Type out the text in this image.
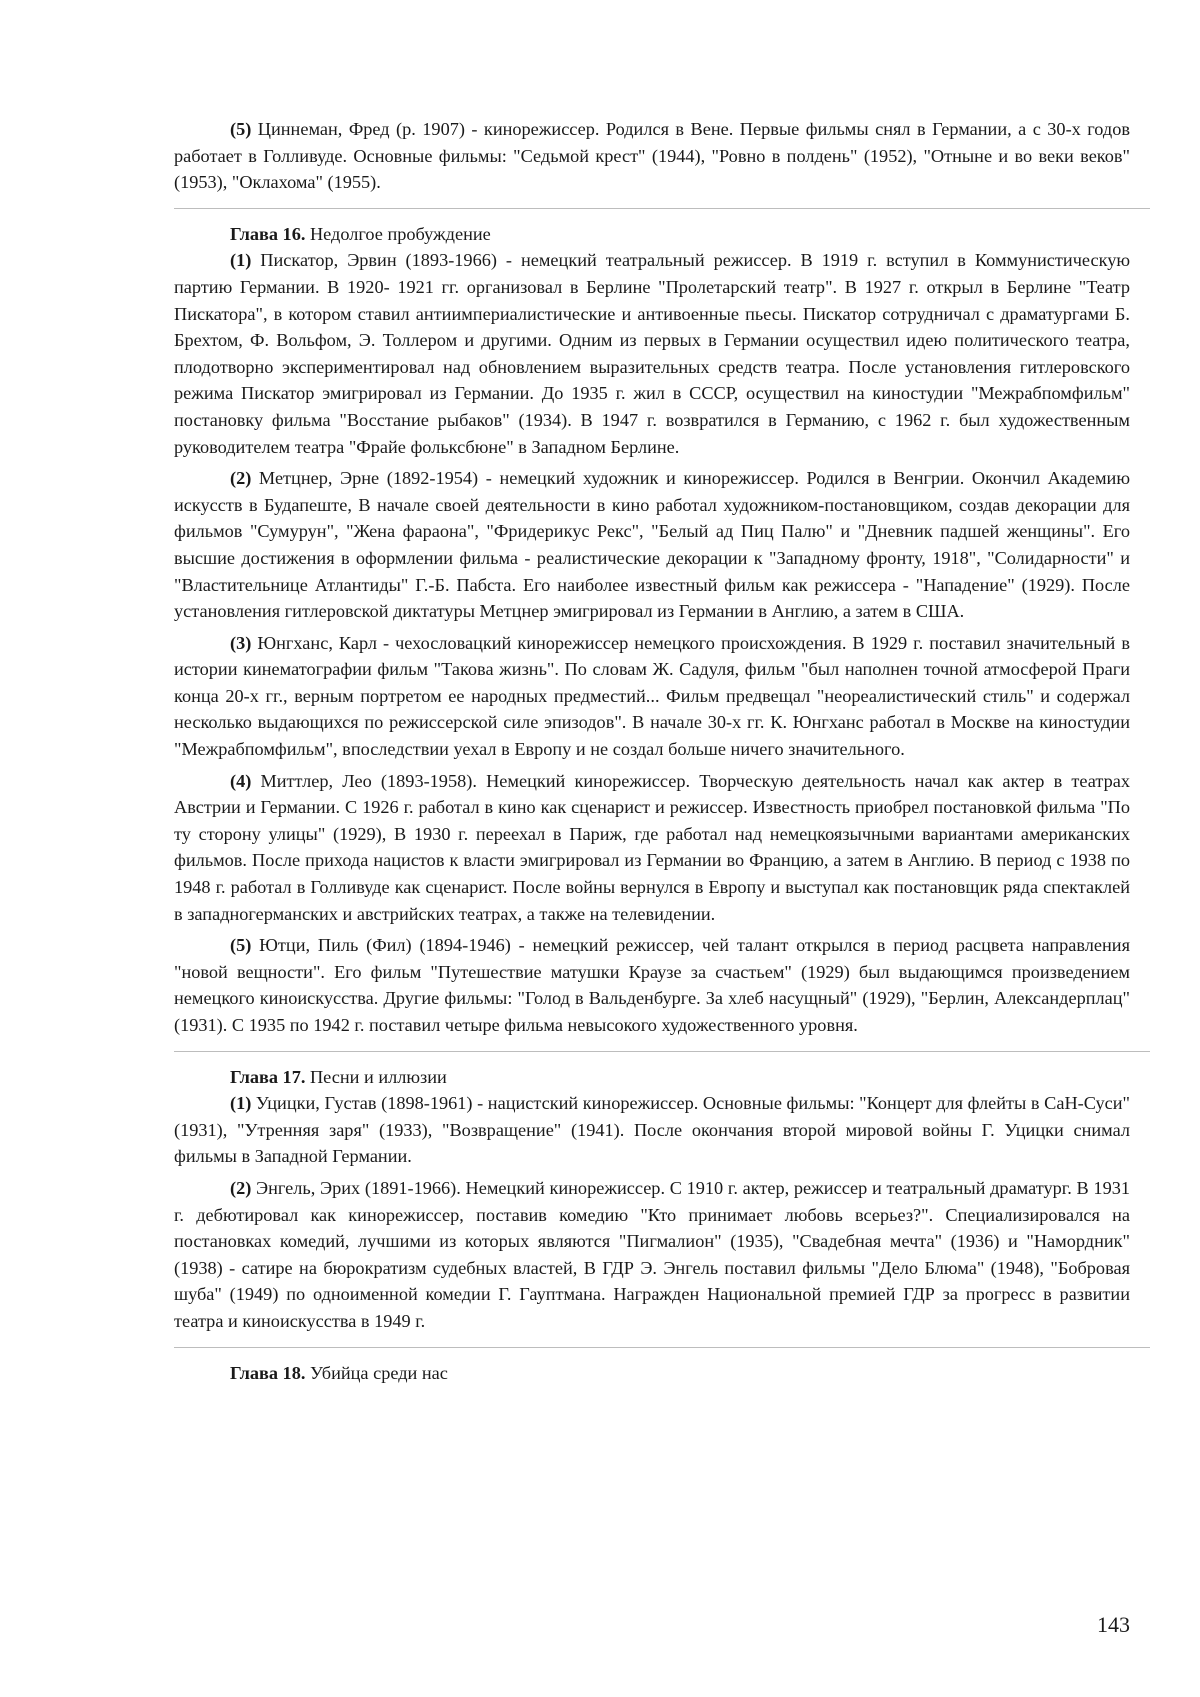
(5) Циннеман, Фред (р. 1907) - кинорежиссер. Родился в Вене. Первые фильмы снял в Германии, а с 30-х годов работает в Голливуде. Основные фильмы: "Седьмой крест" (1944), "Ровно в полдень" (1952), "Отныне и во веки веков" (1953), "Оклахома" (1955).

Глава 16. Недолгое пробуждение

(1) Пискатор, Эрвин (1893-1966) - немецкий театральный режиссер. В 1919 г. вступил в Коммунистическую партию Германии. В 1920- 1921 гг. организовал в Берлине "Пролетарский театр". В 1927 г. открыл в Берлине "Театр Пискатора", в котором ставил антиимпериалистические и антивоенные пьесы. Пискатор сотрудничал с драматургами Б. Брехтом, Ф. Вольфом, Э. Толлером и другими. Одним из первых в Германии осуществил идею политического театра, плодотворно экспериментировал над обновлением выразительных средств театра. После установления гитлеровского режима Пискатор эмигрировал из Германии. До 1935 г. жил в СССР, осуществил на киностудии "Межрабпомфильм" постановку фильма "Восстание рыбаков" (1934). В 1947 г. возвратился в Германию, с 1962 г. был художественным руководителем театра "Фрайе фольксбюне" в Западном Берлине.

(2) Метцнер, Эрне (1892-1954) - немецкий художник и кинорежиссер. Родился в Венгрии. Окончил Академию искусств в Будапеште, В начале своей деятельности в кино работал художником-постановщиком, создав декорации для фильмов "Сумурун", "Жена фараона", "Фридерикус Рекс", "Белый ад Пиц Палю" и "Дневник падшей женщины". Его высшие достижения в оформлении фильма - реалистические декорации к "Западному фронту, 1918", "Солидарности" и "Властительнице Атлантиды" Г.-Б. Пабста. Его наиболее известный фильм как режиссера - "Нападение" (1929). После установления гитлеровской диктатуры Метцнер эмигрировал из Германии в Англию, а затем в США.

(3) Юнгханс, Карл - чехословацкий кинорежиссер немецкого происхождения. В 1929 г. поставил значительный в истории кинематографии фильм "Такова жизнь". По словам Ж. Садуля, фильм "был наполнен точной атмосферой Праги конца 20-х гг., верным портретом ее народных предместий... Фильм предвещал "неореалистический стиль" и содержал несколько выдающихся по режиссерской силе эпизодов". В начале 30-х гг. К. Юнгханс работал в Москве на киностудии "Межрабпомфильм", впоследствии уехал в Европу и не создал больше ничего значительного.

(4) Миттлер, Лео (1893-1958). Немецкий кинорежиссер. Творческую деятельность начал как актер в театрах Австрии и Германии. С 1926 г. работал в кино как сценарист и режиссер. Известность приобрел постановкой фильма "По ту сторону улицы" (1929), В 1930 г. переехал в Париж, где работал над немецкоязычными вариантами американских фильмов. После прихода нацистов к власти эмигрировал из Германии во Францию, а затем в Англию. В период с 1938 по 1948 г. работал в Голливуде как сценарист. После войны вернулся в Европу и выступал как постановщик ряда спектаклей в западногерманских и австрийских театрах, а также на телевидении.

(5) Ютци, Пиль (Фил) (1894-1946) - немецкий режиссер, чей талант открылся в период расцвета направления "новой вещности". Его фильм "Путешествие матушки Краузе за счастьем" (1929) был выдающимся произведением немецкого киноискусства. Другие фильмы: "Голод в Вальденбурге. За хлеб насущный" (1929), "Берлин, Александерплац" (1931). С 1935 по 1942 г. поставил четыре фильма невысокого художественного уровня.

Глава 17. Песни и иллюзии

(1) Уцицки, Густав (1898-1961) - нацистский кинорежиссер. Основные фильмы: "Концерт для флейты в СаН-Суси" (1931), "Утренняя заря" (1933), "Возвращение" (1941). После окончания второй мировой войны Г. Уцицки снимал фильмы в Западной Германии.

(2) Энгель, Эрих (1891-1966). Немецкий кинорежиссер. С 1910 г. актер, режиссер и театральный драматург. В 1931 г. дебютировал как кинорежиссер, поставив комедию "Кто принимает любовь всерьез?". Специализировался на постановках комедий, лучшими из которых являются "Пигмалион" (1935), "Свадебная мечта" (1936) и "Намордник" (1938) - сатире на бюрократизм судебных властей, В ГДР Э. Энгель поставил фильмы "Дело Блюма" (1948), "Бобровая шуба" (1949) по одноименной комедии Г. Гауптмана. Награжден Национальной премией ГДР за прогресс в развитии театра и киноискусства в 1949 г.

Глава 18. Убийца среди нас
143
